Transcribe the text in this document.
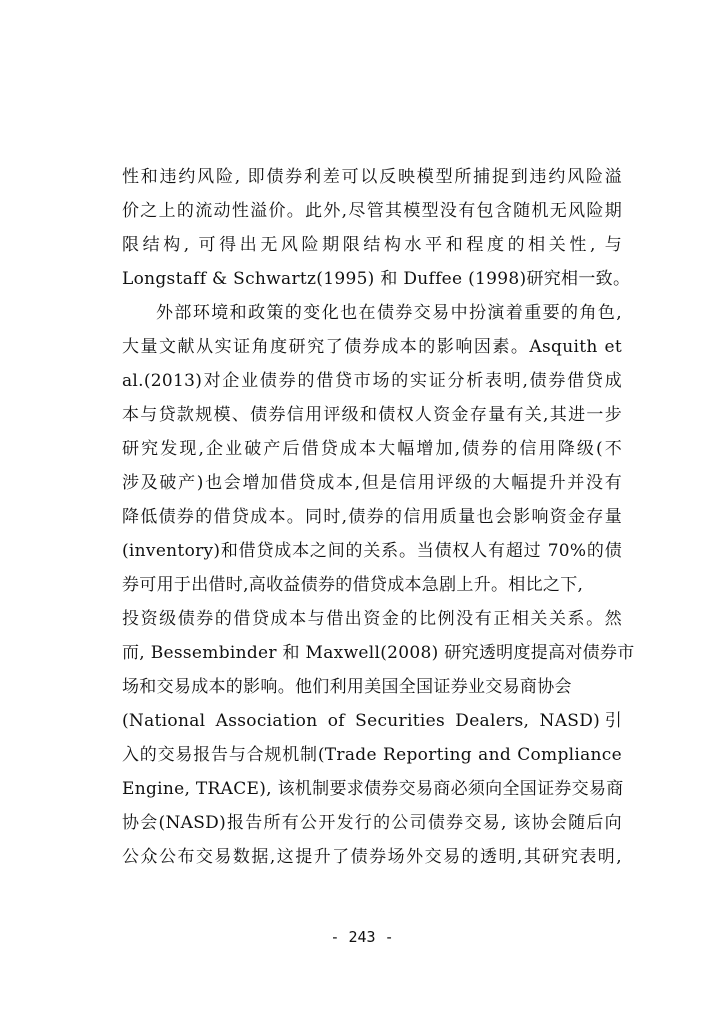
性和违约风险, 即债券利差可以反映模型所捕捉到违约风险溢
价之上的流动性溢价。此外,尽管其模型没有包含随机无风险期
限结构, 可得出无风险期限结构水平和程度的相关性, 与
Longstaff & Schwartz(1995) 和 Duffee (1998)研究相一致。
外部环境和政策的变化也在债券交易中扮演着重要的角色,
大量文献从实证角度研究了债券成本的影响因素。Asquith et
al.(2013)对企业债券的借贷市场的实证分析表明,债券借贷成
本与贷款规模、债券信用评级和债权人资金存量有关,其进一步
研究发现,企业破产后借贷成本大幅增加,债券的信用降级(不
涉及破产)也会增加借贷成本,但是信用评级的大幅提升并没有
降低债券的借贷成本。同时,债券的信用质量也会影响资金存量
(inventory)和借贷成本之间的关系。当债权人有超过 70%的债
券可用于出借时,高收益债券的借贷成本急剧上升。相比之下,
投资级债券的借贷成本与借出资金的比例没有正相关关系。然
而, Bessembinder 和 Maxwell(2008) 研究透明度提高对债券市
场和交易成本的影响。他们利用美国全国证券业交易商协会
(National Association of Securities Dealers, NASD)引
入的交易报告与合规机制(Trade Reporting and Compliance
Engine, TRACE), 该机制要求债券交易商必须向全国证券交易商
协会(NASD)报告所有公开发行的公司债券交易, 该协会随后向
公众公布交易数据,这提升了债券场外交易的透明,其研究表明,
- 243 -
